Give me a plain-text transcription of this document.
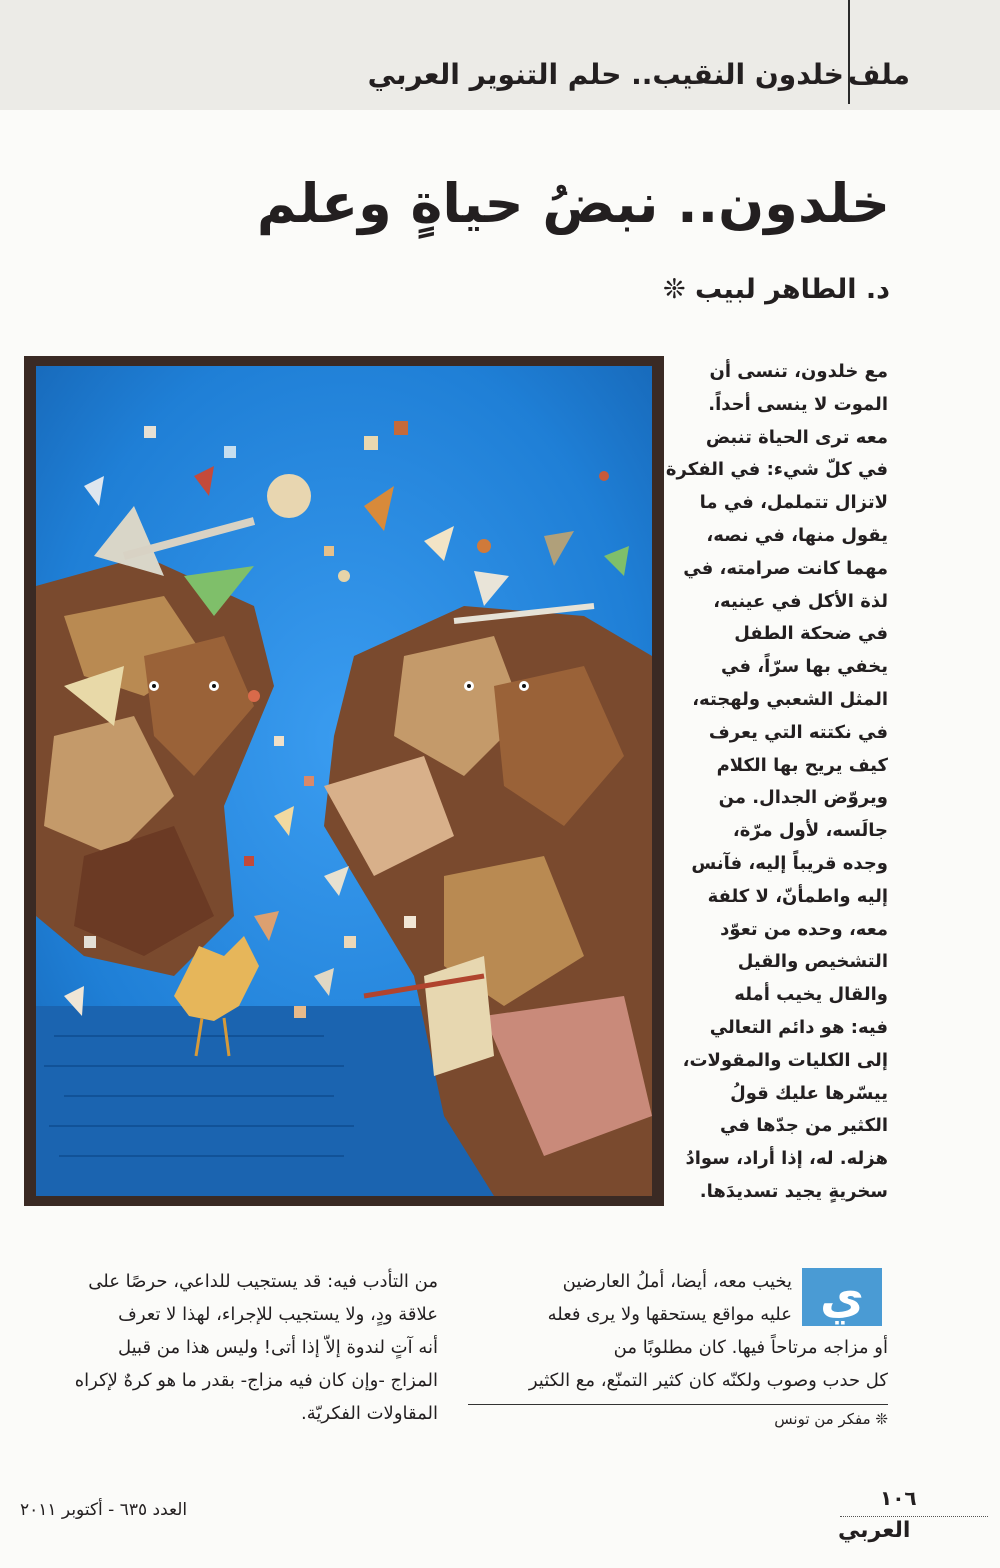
ملف
خلدون النقيب.. حلم التنوير العربي
خلدون.. نبضُ حياةٍ وعلم
د. الطاهر لبيب ❊

مع خلدون، تنسى أن

الموت لا ينسى أحداً.

معه ترى الحياة تنبض

في كلّ شيء: في الفكرة

لاتزال تتململ، في ما

يقول منها، في نصه،

مهما كانت صرامته، في

لذة الأكل في عينيه،

في ضحكة الطفل

يخفي بها سرّاً، في

المثل الشعبي ولهجته،

في نكتته التي يعرف

كيف يريح بها الكلام

ويروّض الجدال. من

جالَسه، لأول مرّة،

وجده قريباً إليه، فآنس

إليه واطمأنّ، لا كلفة

معه، وحده من تعوّد

التشخيص والقيل

والقال يخيب أمله

فيه: هو دائم التعالي

إلى الكليات والمقولات،

ييسّرها عليك قولُ

الكثير من جدّها في

هزله. له، إذا أراد، سوادُ

سخريةٍ يجيد تسديدَها.

ي

يخيب معه، أيضا، أملُ العارضين

عليه مواقع يستحقها ولا يرى فعله

أو مزاجه مرتاحاً فيها. كان مطلوبًا من

كل حدب وصوب ولكنّه كان كثير التمنّع، مع الكثير

من التأدب فيه: قد يستجيب للداعي، حرصًا على

علاقة ودٍ، ولا يستجيب للإجراء، لهذا لا تعرف

أنه آتٍ لندوة إلاّ إذا أتى! وليس هذا من قبيل

المزاج -وإن كان فيه مزاج- بقدر ما هو كرهٌ لإكراه

المقاولات الفكريّة.	❊ مفكر من تونس
١٠٦
العربي
العدد ٦٣٥ - أكتوبر ٢٠١١
